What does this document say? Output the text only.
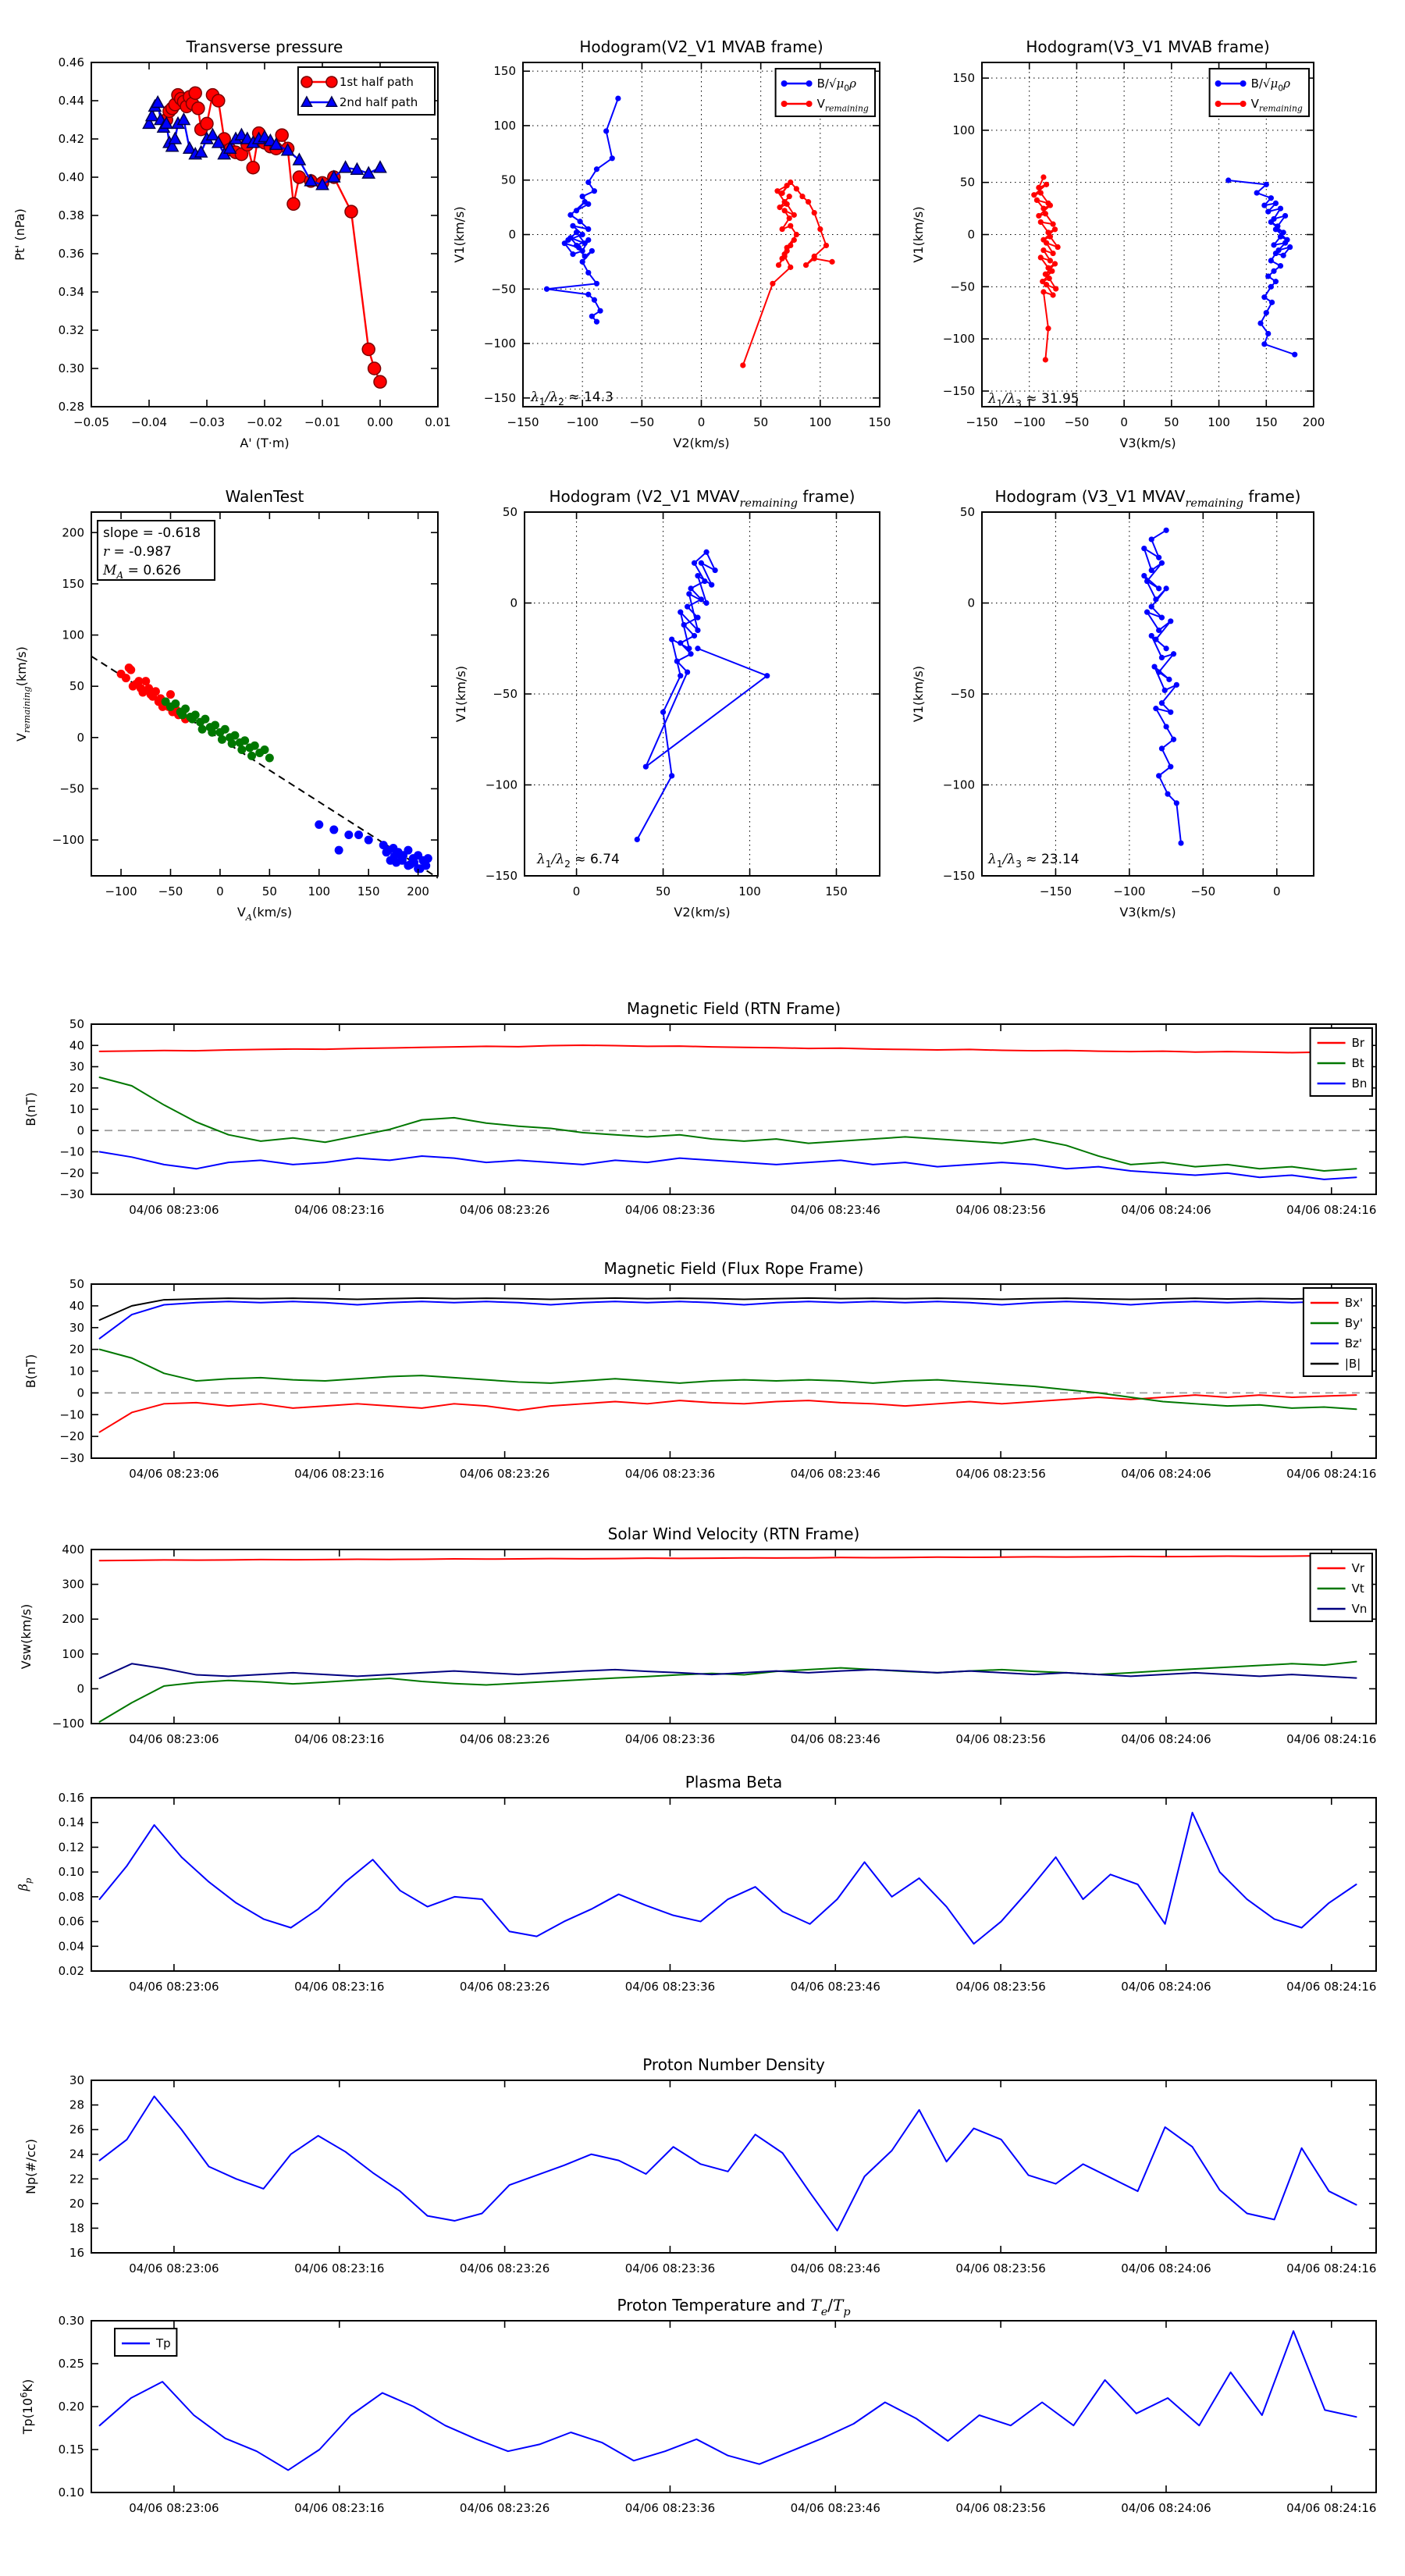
−0.05 −0.04 −0.03 −0.02 −0.01 0.00	0.01
0.28
0.30
0.32
0.34
0.36
0.38
0.40
0.42
0.44
0.46
Transverse pressure
A' (T·m)
Pt' (nPa)
1st half path
2nd half path
−150 −100	−50	0	50	100	150
−150
−100
−50
0
50
100
150
Hodogram(V2_V1 MVAB frame)
V2(km/s)
V1(km/s)
$\lambda_1/\lambda_2 \approx 14.3$
$B/√\mu_0\rho$
$V_{remaining}$
−150 −100 −50	0	50 100 150 200
−150
−100
−50
0
50
100
150
Hodogram(V3_V1 MVAB frame)
V3(km/s)
V1(km/s)
$\lambda_1/\lambda_3 \approx 31.95$
$B/√\mu_0\rho$
$V_{remaining}$
−100 −50	0	50	100 150 200
−100
−50
0
50
100
150
200
WalenTest
$V_A(km/s)$
$V_{remaining}(km/s)$
slope = -0.618
r = -0.987
$M_A = 0.626$
0	50	100	150
−150
−100
−50
0
50
Hodogram (V2_V1 $MVAV_{remaining}$ frame)
V2(km/s)
V1(km/s)
$\lambda_1/\lambda_2 \approx 6.74$
−150	−100	−50	0
−150
−100
−50
0
50
Hodogram (V3_V1 $MVAV_{remaining}$ frame)
V3(km/s)
V1(km/s)
$\lambda_1/\lambda_3 \approx 23.14$
04/06 08:23:06	04/06 08:23:16	04/06 08:23:26	04/06 08:23:36	04/06 08:23:46	04/06 08:23:56	04/06 08:24:06	04/06 08:24:16
−30
−20
−10
0
10
20
30
40
50
Magnetic Field (RTN Frame)
B(nT)
Br
Bt
Bn
04/06 08:23:06	04/06 08:23:16	04/06 08:23:26	04/06 08:23:36	04/06 08:23:46	04/06 08:23:56	04/06 08:24:06	04/06 08:24:16
−30
−20
−10
0
10
20
30
40
50
Magnetic Field (Flux Rope Frame)
B(nT)
Bx'
By'
Bz'
|B|
04/06 08:23:06	04/06 08:23:16	04/06 08:23:26	04/06 08:23:36	04/06 08:23:46	04/06 08:23:56	04/06 08:24:06	04/06 08:24:16
−100
0
100
200
300
400
Solar Wind Velocity (RTN Frame)
Vsw(km/s)
Vr
Vt
Vn
04/06 08:23:06	04/06 08:23:16	04/06 08:23:26	04/06 08:23:36	04/06 08:23:46	04/06 08:23:56	04/06 08:24:06	04/06 08:24:16
0.02
0.04
0.06
0.08
0.10
0.12
0.14
0.16
Plasma Beta
$\beta_p$
04/06 08:23:06	04/06 08:23:16	04/06 08:23:26	04/06 08:23:36	04/06 08:23:46	04/06 08:23:56	04/06 08:24:06	04/06 08:24:16
16
18
20
22
24
26
28
30
Proton Number Density
Np(#/cc)
04/06 08:23:06	04/06 08:23:16	04/06 08:23:26	04/06 08:23:36	04/06 08:23:46	04/06 08:23:56	04/06 08:24:06	04/06 08:24:16
0.10
0.15
0.20
0.25
0.30
Proton Temperature and $T_e/T_p$
$Tp(10^6K)$
Tp
